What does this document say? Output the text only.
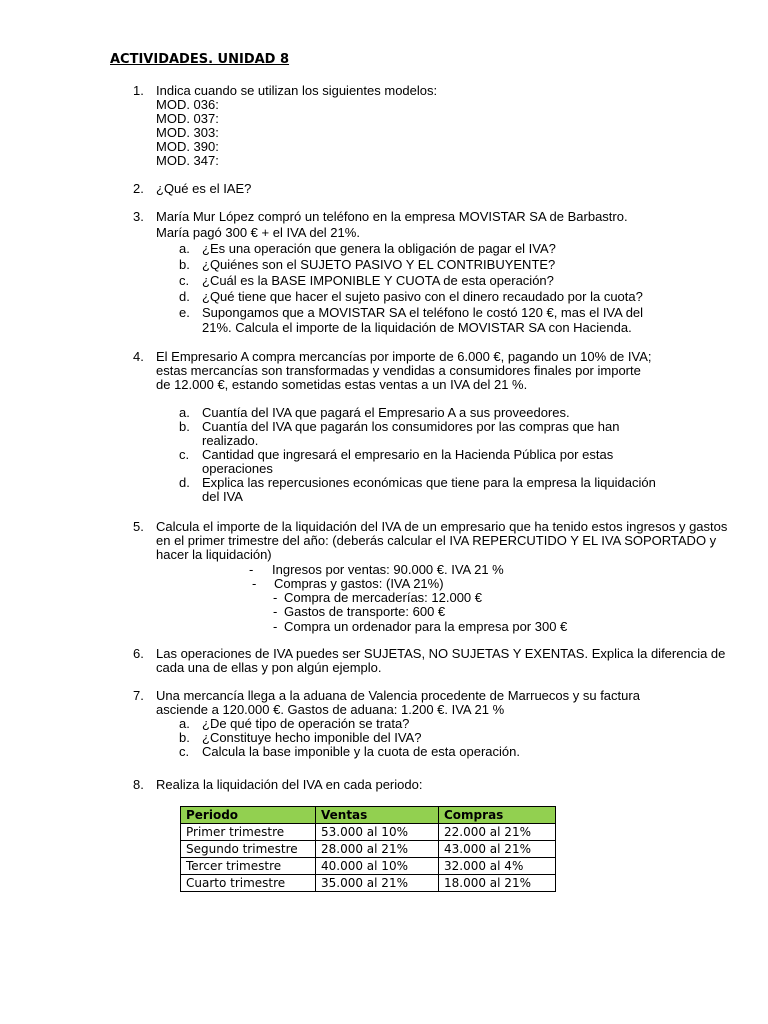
ACTIVIDADES. UNIDAD 8
1. Indica cuando se utilizan los siguientes modelos:
MOD. 036:
MOD. 037:
MOD. 303:
MOD. 390:
MOD. 347:
2. ¿Qué es el IAE?
3. María Mur López compró un teléfono en la empresa MOVISTAR SA de Barbastro.
María pagó 300 € + el IVA del 21%.
a. ¿Es una operación que genera la obligación de pagar el IVA?
b. ¿Quiénes son el SUJETO PASIVO Y EL CONTRIBUYENTE?
c. ¿Cuál es la BASE IMPONIBLE Y CUOTA de esta operación?
d. ¿Qué tiene que hacer el sujeto pasivo con el dinero recaudado por la cuota?
e. Supongamos que a MOVISTAR SA el teléfono le costó 120 €, mas el IVA del
21%. Calcula el importe de la liquidación de MOVISTAR SA con Hacienda.
4. El Empresario A compra mercancías por importe de 6.000 €, pagando un 10% de IVA;
estas mercancías son transformadas y vendidas a consumidores finales por importe
de 12.000 €, estando sometidas estas ventas a un IVA del 21 %.
a. Cuantía del IVA que pagará el Empresario A a sus proveedores.
b. Cuantía del IVA que pagarán los consumidores por las compras que han
realizado.
c. Cantidad que ingresará el empresario en la Hacienda Pública por estas
operaciones
d. Explica las repercusiones económicas que tiene para la empresa la liquidación
del IVA
5. Calcula el importe de la liquidación del IVA de un empresario que ha tenido estos ingresos y gastos
en el primer trimestre del año: (deberás calcular el IVA REPERCUTIDO Y EL IVA SOPORTADO y
hacer la liquidación)
- Ingresos por ventas: 90.000 €. IVA 21 %
- Compras y gastos: (IVA 21%)
- Compra de mercaderías: 12.000 €
- Gastos de transporte: 600 €
- Compra un ordenador para la empresa por 300 €
6. Las operaciones de IVA puedes ser SUJETAS, NO SUJETAS Y EXENTAS. Explica la diferencia de
cada una de ellas y pon algún ejemplo.
7. Una mercancía llega a la aduana de Valencia procedente de Marruecos y su factura
asciende a 120.000 €. Gastos de aduana: 1.200 €. IVA 21 %
a. ¿De qué tipo de operación se trata?
b. ¿Constituye hecho imponible del IVA?
c. Calcula la base imponible y la cuota de esta operación.
8. Realiza la liquidación del IVA en cada periodo:
Periodo	Ventas	Compras
Primer trimestre	53.000 al 10%	22.000 al 21%
Segundo trimestre	28.000 al 21%	43.000 al 21%
Tercer trimestre	40.000 al 10%	32.000 al 4%
Cuarto trimestre	35.000 al 21%	18.000 al 21%
